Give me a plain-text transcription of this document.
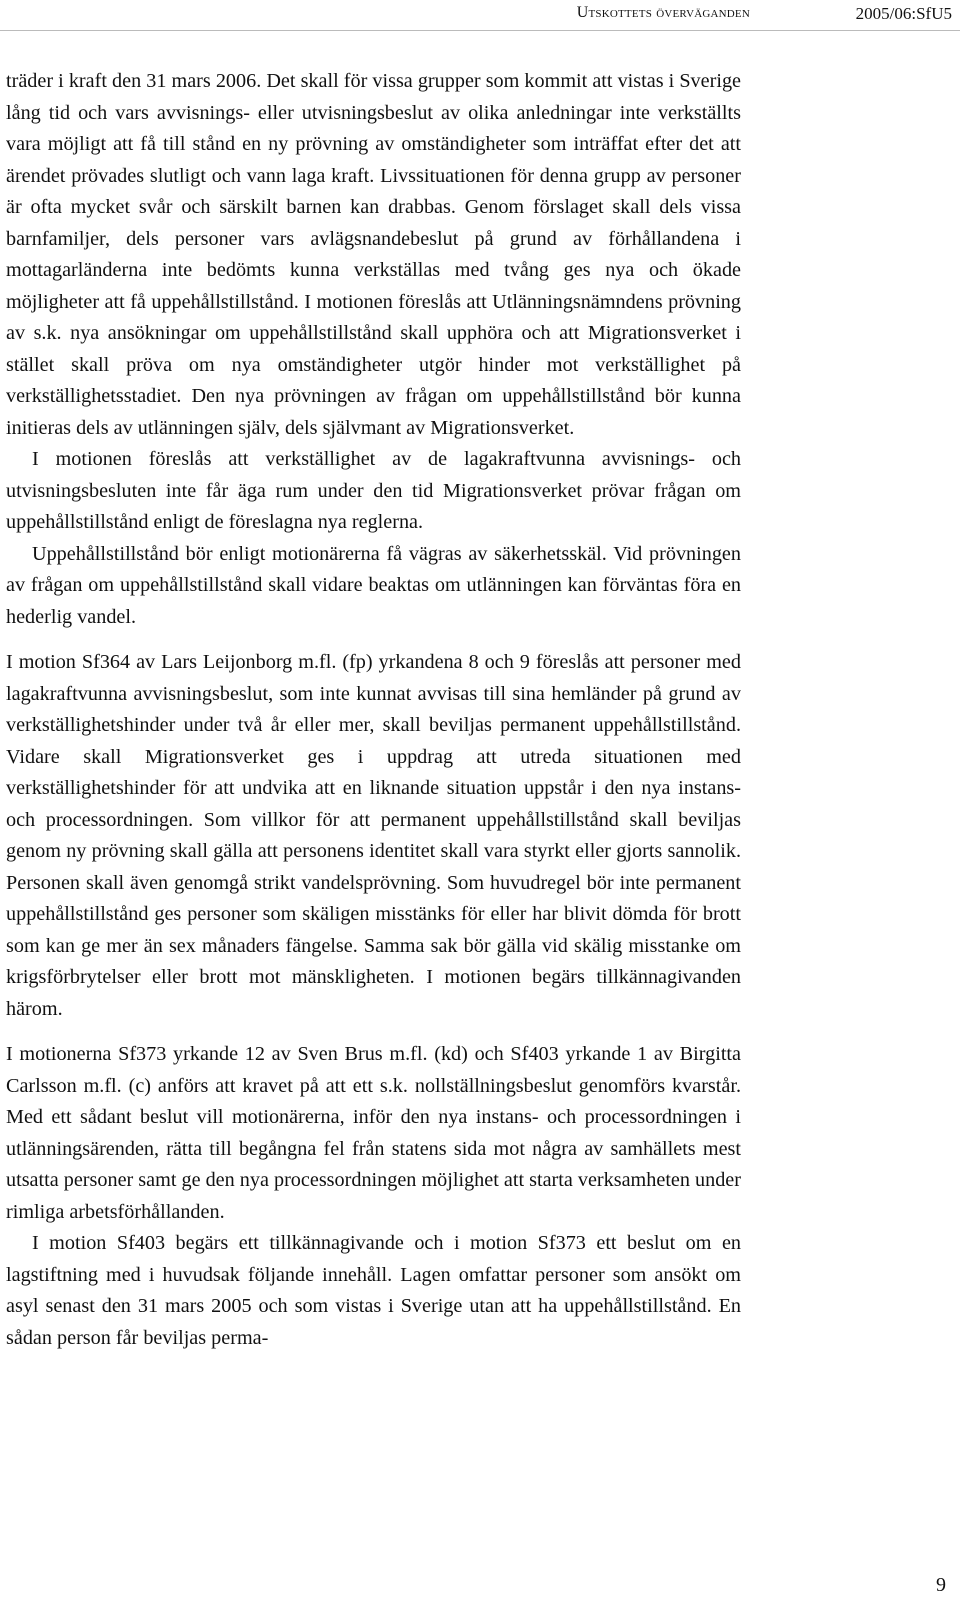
Utskottets överväganden	2005/06:SfU5

träder i kraft den 31 mars 2006. Det skall för vissa grupper som kommit att vistas i Sverige lång tid och vars avvisnings- eller utvisningsbeslut av olika anledningar inte verkställts vara möjligt att få till stånd en ny prövning av omständigheter som inträffat efter det att ärendet prövades slutligt och vann laga kraft. Livssituationen för denna grupp av personer är ofta mycket svår och särskilt barnen kan drabbas. Genom förslaget skall dels vissa barnfamiljer, dels personer vars avlägsnandebeslut på grund av förhållandena i mottagarländerna inte bedömts kunna verkställas med tvång ges nya och ökade möjligheter att få uppehållstillstånd. I motionen föreslås att Utlänningsnämndens prövning av s.k. nya ansökningar om uppehållstillstånd skall upphöra och att Migrationsverket i stället skall pröva om nya omständigheter utgör hinder mot verkställighet på verkställighetsstadiet. Den nya prövningen av frågan om uppehållstillstånd bör kunna initieras dels av utlänningen själv, dels självmant av Migrationsverket.

I motionen föreslås att verkställighet av de lagakraftvunna avvisnings- och utvisningsbesluten inte får äga rum under den tid Migrationsverket prövar frågan om uppehållstillstånd enligt de föreslagna nya reglerna.

Uppehållstillstånd bör enligt motionärerna få vägras av säkerhetsskäl. Vid prövningen av frågan om uppehållstillstånd skall vidare beaktas om utlänningen kan förväntas föra en hederlig vandel.

I motion Sf364 av Lars Leijonborg m.fl. (fp) yrkandena 8 och 9 föreslås att personer med lagakraftvunna avvisningsbeslut, som inte kunnat avvisas till sina hemländer på grund av verkställighetshinder under två år eller mer, skall beviljas permanent uppehållstillstånd. Vidare skall Migrationsverket ges i uppdrag att utreda situationen med verkställighetshinder för att undvika att en liknande situation uppstår i den nya instans- och processordningen. Som villkor för att permanent uppehållstillstånd skall beviljas genom ny prövning skall gälla att personens identitet skall vara styrkt eller gjorts sannolik. Personen skall även genomgå strikt vandelsprövning. Som huvudregel bör inte permanent uppehållstillstånd ges personer som skäligen misstänks för eller har blivit dömda för brott som kan ge mer än sex månaders fängelse. Samma sak bör gälla vid skälig misstanke om krigsförbrytelser eller brott mot mänskligheten. I motionen begärs tillkännagivanden härom.

I motionerna Sf373 yrkande 12 av Sven Brus m.fl. (kd) och Sf403 yrkande 1 av Birgitta Carlsson m.fl. (c) anförs att kravet på att ett s.k. nollställningsbeslut genomförs kvarstår. Med ett sådant beslut vill motionärerna, inför den nya instans- och processordningen i utlänningsärenden, rätta till begångna fel från statens sida mot några av samhällets mest utsatta personer samt ge den nya processordningen möjlighet att starta verksamheten under rimliga arbetsförhållanden.

I motion Sf403 begärs ett tillkännagivande och i motion Sf373 ett beslut om en lagstiftning med i huvudsak följande innehåll. Lagen omfattar personer som ansökt om asyl senast den 31 mars 2005 och som vistas i Sverige utan att ha uppehållstillstånd. En sådan person får beviljas perma-

9
